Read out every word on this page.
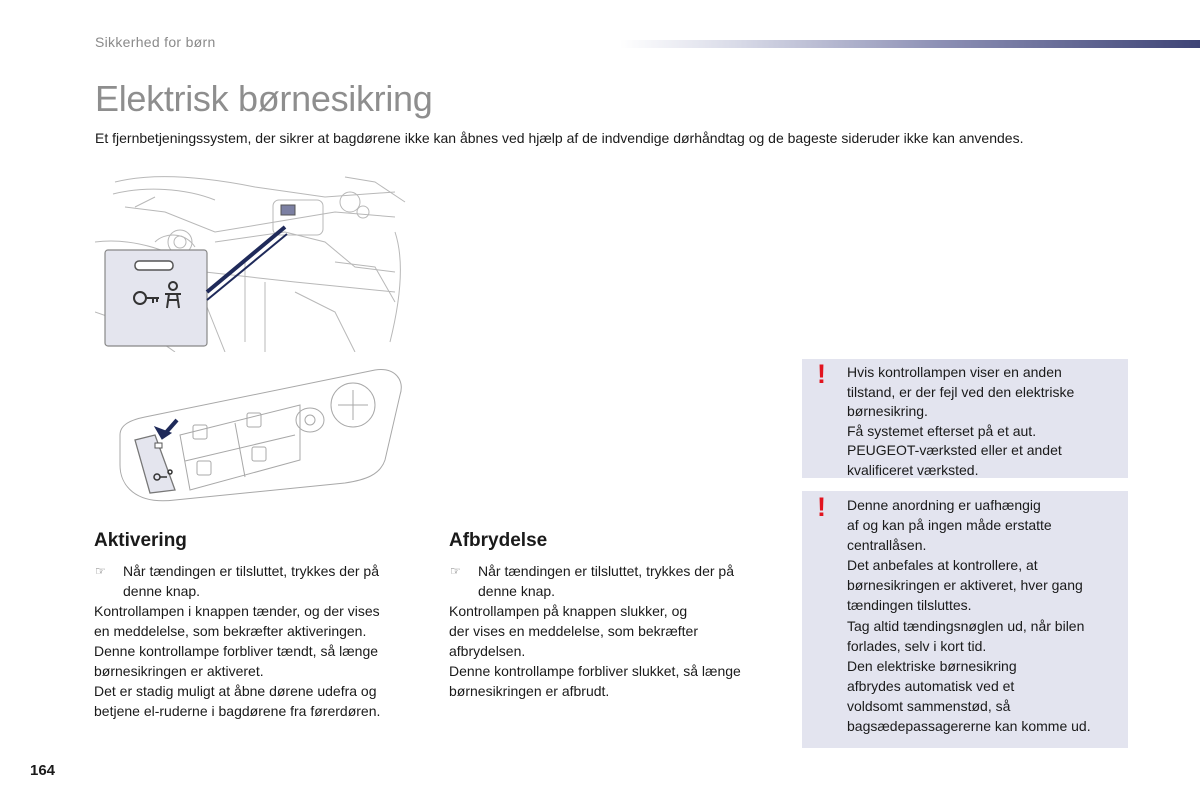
Sikkerhed for børn
Elektrisk børnesikring
Et fjernbetjeningssystem, der sikrer at bagdørene ikke kan åbnes ved hjælp af de indvendige dørhåndtag og de bageste sideruder ikke kan anvendes.
Aktivering
☞ Når tændingen er tilsluttet, trykkes der på
denne knap.

Kontrollampen i knappen tænder, og der vises

en meddelelse, som bekræfter aktiveringen.

Denne kontrollampe forbliver tændt, så længe

børnesikringen er aktiveret.

Det er stadig muligt at åbne dørene udefra og

betjene el-ruderne i bagdørene fra førerdøren.

Afbrydelse
☞ Når tændingen er tilsluttet, trykkes der på
denne knap.

Kontrollampen på knappen slukker, og

der vises en meddelelse, som bekræfter

afbrydelsen.

Denne kontrollampe forbliver slukket, så længe

børnesikringen er afbrudt.

! Hvis kontrollampen viser en anden
tilstand, er der fejl ved den elektriske
børnesikring.
Få systemet efterset på et aut.
PEUGEOT-værksted eller et andet
kvalificeret værksted.
! Denne anordning er uafhængig
af og kan på ingen måde erstatte
centrallåsen.
Det anbefales at kontrollere, at
børnesikringen er aktiveret, hver gang
tændingen tilsluttes.
Tag altid tændingsnøglen ud, når bilen
forlades, selv i kort tid.
Den elektriske børnesikring
afbrydes automatisk ved et
voldsomt sammenstød, så
bagsædepassagererne kan komme ud.
164
